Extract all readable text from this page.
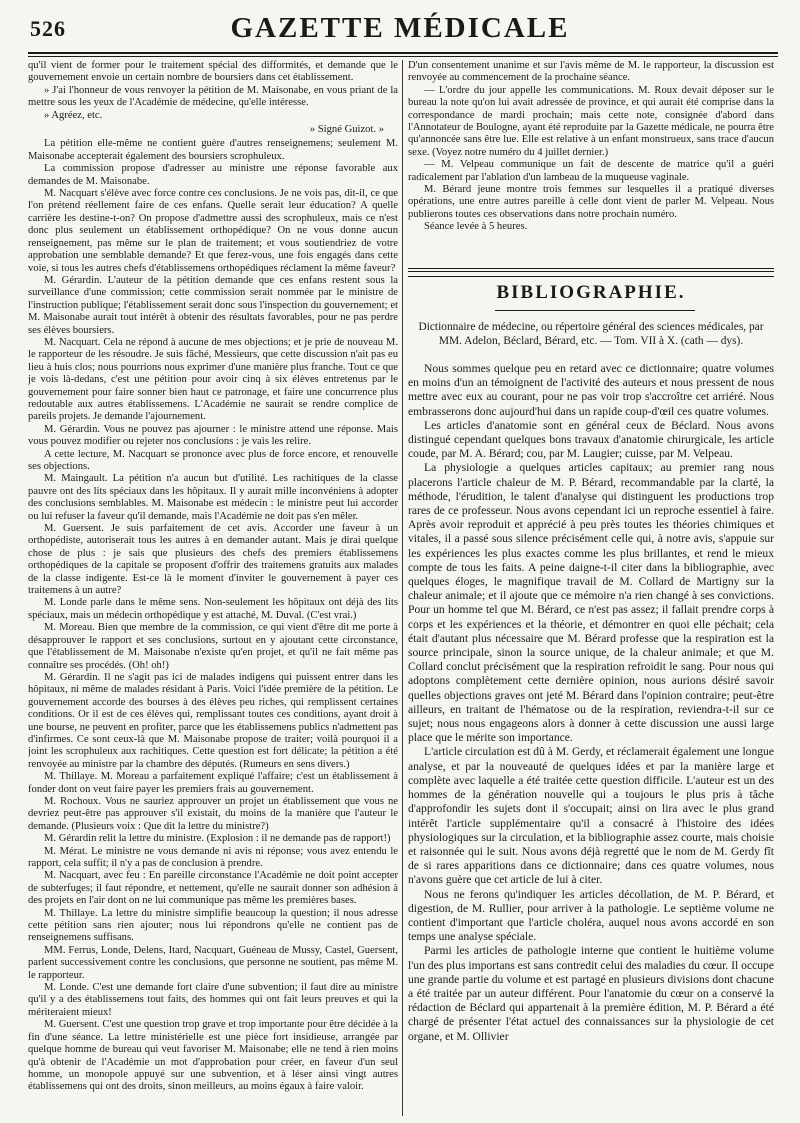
526	GAZETTE MÉDICALE

qu'il vient de former pour le traitement spécial des difformités, et demande que le gouvernement envoie un certain nombre de boursiers dans cet établissement.

» J'ai l'honneur de vous renvoyer la pétition de M. Maisonabe, en vous priant de la mettre sous les yeux de l'Académie de médecine, qu'elle intéresse.

» Agréez, etc.

» Signé Guizot. »

La pétition elle-même ne contient guère d'autres renseignemens; seulement M. Maisonabe accepterait également des boursiers scrophuleux.

La commission propose d'adresser au ministre une réponse favorable aux demandes de M. Maisonabe.

M. Nacquart s'élève avec force contre ces conclusions. Je ne vois pas, dit-il, ce que l'on prétend réellement faire de ces enfans. Quelle serait leur éducation? A quelle carrière les destine-t-on? On propose d'admettre aussi des scrophuleux, mais ce n'est donc plus seulement un établissement orthopédique? On ne vous donne aucun renseignement, pas même sur le plan de traitement; et vous soutiendriez de votre approbation une semblable demande? Et que ferez-vous, une fois engagés dans cette voie, si tous les autres chefs d'établissemens orthopédiques réclament la même faveur?

M. Gérardin. L'auteur de la pétition demande que ces enfans restent sous la surveillance d'une commission; cette commission serait nommée par le ministre de l'instruction publique; l'établissement serait donc sous l'inspection du gouvernement; et M. Maisonabe aurait tout intérêt à obtenir des résultats favorables, pour ne pas perdre ses élèves boursiers.

M. Nacquart. Cela ne répond à aucune de mes objections; et je prie de nouveau M. le rapporteur de les résoudre. Je suis fâché, Messieurs, que cette discussion n'ait pas eu lieu à huis clos; nous pourrions nous exprimer d'une manière plus franche. Tout ce que je vois là-dedans, c'est une pétition pour avoir cinq à six élèves entretenus par le gouvernement pour faire sonner bien haut ce patronage, et faire une concurrence plus redoutable aux autres établissemens. L'Académie ne saurait se rendre complice de pareils projets. Je demande l'ajournement.

M. Gérardin. Vous ne pouvez pas ajourner : le ministre attend une réponse. Mais vous pouvez modifier ou rejeter nos conclusions : je vais les relire.

A cette lecture, M. Nacquart se prononce avec plus de force encore, et renouvelle ses objections.

M. Maingault. La pétition n'a aucun but d'utilité. Les rachitiques de la classe pauvre ont des lits spéciaux dans les hôpitaux. Il y aurait mille inconvéniens à adopter des conclusions semblables. M. Maisonabe est médecin : le ministre peut lui accorder ou lui refuser la faveur qu'il demande, mais l'Académie ne doit pas s'en mêler.

M. Guersent. Je suis parfaitement de cet avis. Accorder une faveur à un orthopédiste, autoriserait tous les autres à en demander autant. Mais je dirai quelque chose de plus : je sais que plusieurs des chefs des premiers établissemens orthopédiques de la capitale se proposent d'offrir des traitemens gratuits aux malades de la classe indigente. Est-ce là le moment d'inviter le gouvernement à payer ces traitemens à un autre?

M. Londe parle dans le même sens. Non-seulement les hôpitaux ont déjà des lits spéciaux, mais un médecin orthopédique y est attaché, M. Duval. (C'est vrai.)

M. Moreau. Bien que membre de la commission, ce qui vient d'être dit me porte à désapprouver le rapport et ses conclusions, surtout en y ajoutant cette circonstance, que l'établissement de M. Maisonabe n'existe qu'en projet, et qu'il ne fait même pas connaître ses procédés. (Oh! oh!)

M. Gérardin. Il ne s'agit pas ici de malades indigens qui puissent entrer dans les hôpitaux, ni même de malades résidant à Paris. Voici l'idée première de la pétition. Le gouvernement accorde des bourses à des élèves peu riches, qui remplissent certaines conditions. Or il est de ces élèves qui, remplissant toutes ces conditions, ayant droit à une bourse, ne peuvent en profiter, parce que les établissemens publics n'admettent pas d'infirmes. Ce sont ceux-là que M. Maisonabe propose de traiter; voilà pourquoi il a joint les scrophuleux aux rachitiques. Cette question est fort délicate; la pétition a été renvoyée au ministre par la chambre des députés. (Rumeurs en sens divers.)

M. Thillaye. M. Moreau a parfaitement expliqué l'affaire; c'est un établissement à fonder dont on veut faire payer les premiers frais au gouvernement.

M. Rochoux. Vous ne sauriez approuver un projet un établissement que vous ne devriez peut-être pas approuver s'il existait, du moins de la manière que l'auteur le demande. (Plusieurs voix : Que dit la lettre du ministre?)

M. Gérardin relit la lettre du ministre. (Explosion : il ne demande pas de rapport!)

M. Mérat. Le ministre ne vous demande ni avis ni réponse; vous avez entendu le rapport, cela suffit; il n'y a pas de conclusion à prendre.

M. Nacquart, avec feu : En pareille circonstance l'Académie ne doit point accepter de subterfuges; il faut répondre, et nettement, qu'elle ne saurait donner son adhésion à des projets en l'air dont on ne lui communique pas même les premières bases.

M. Thillaye. La lettre du ministre simplifie beaucoup la question; il nous adresse cette pétition sans rien ajouter; nous lui répondrons qu'elle ne contient pas de renseignemens suffisans.

MM. Ferrus, Londe, Delens, Itard, Nacquart, Guéneau de Mussy, Castel, Guersent, parlent successivement contre les conclusions, que personne ne soutient, pas même M. le rapporteur.

M. Londe. C'est une demande fort claire d'une subvention; il faut dire au ministre qu'il y a des établissemens tout faits, des hommes qui ont fait leurs preuves et qui la mériteraient mieux!

M. Guersent. C'est une question trop grave et trop importante pour être décidée à la fin d'une séance. La lettre ministérielle est une pièce fort insidieuse, arrangée par quelque homme de bureau qui veut favoriser M. Maisonabe; elle ne tend à rien moins qu'à obtenir de l'Académie un mot d'approbation pour créer, en faveur d'un seul homme, un monopole appuyé sur une subvention, et à léser ainsi vingt autres établissemens qui ont des droits, sinon meilleurs, au moins égaux à faire valoir.

D'un consentement unanime et sur l'avis même de M. le rapporteur, la discussion est renvoyée au commencement de la prochaine séance.

— L'ordre du jour appelle les communications. M. Roux devait déposer sur le bureau la note qu'on lui avait adressée de province, et qui aurait été comprise dans la correspondance de mardi prochain; mais cette note, consignée d'abord dans l'Annotateur de Boulogne, ayant été reproduite par la Gazette médicale, ne pourra être qu'annoncée sans être lue. Elle est relative à un enfant monstrueux, sans trace d'aucun sexe. (Voyez notre numéro du 4 juillet dernier.)

— M. Velpeau communique un fait de descente de matrice qu'il a guéri radicalement par l'ablation d'un lambeau de la muqueuse vaginale.

M. Bérard jeune montre trois femmes sur lesquelles il a pratiqué diverses opérations, une entre autres pareille à celle dont vient de parler M. Velpeau. Nous publierons toutes ces observations dans notre prochain numéro.

Séance levée à 5 heures.

BIBLIOGRAPHIE.

Dictionnaire de médecine, ou répertoire général des sciences médicales, par MM. Adelon, Béclard, Bérard, etc. — Tom. VII à X. (cath — dys).

Nous sommes quelque peu en retard avec ce dictionnaire; quatre volumes en moins d'un an témoignent de l'activité des auteurs et nous pressent de nous mettre avec eux au courant, pour ne pas voir trop s'accroître cet arriéré. Nous embrasserons donc aujourd'hui dans un rapide coup-d'œil ces quatre volumes.

Les articles d'anatomie sont en général ceux de Béclard. Nous avons distingué cependant quelques bons travaux d'anatomie chirurgicale, les article coude, par M. A. Bérard; cou, par M. Laugier; cuisse, par M. Velpeau.

La physiologie a quelques articles capitaux; au premier rang nous placerons l'article chaleur de M. P. Bérard, recommandable par la clarté, la méthode, l'érudition, le talent d'analyse qui distinguent les productions trop rares de ce professeur. Nous avons cependant ici un reproche essentiel à faire. Après avoir reproduit et apprécié à peu près toutes les théories chimiques et vitales, il a passé sous silence précisément celle qui, à notre avis, s'appuie sur les expériences les plus exactes comme les plus brillantes, et rend le mieux compte de tous les faits. A peine daigne-t-il citer dans la bibliographie, avec quelques éloges, le magnifique travail de M. Collard de Martigny sur la chaleur animale; et il ajoute que ce mémoire n'a rien changé à ses convictions. Pour un homme tel que M. Bérard, ce n'est pas assez; il fallait prendre corps à corps et les expériences et la théorie, et démontrer en quoi elle péchait; cela était d'autant plus nécessaire que M. Bérard professe que la respiration est la source principale, sinon la source unique, de la chaleur animale; et que M. Collard conclut précisément que la respiration refroidit le sang. Pour nous qui adoptons complètement cette dernière opinion, nous aurions désiré savoir quelles objections graves ont jeté M. Bérard dans l'opinion contraire; peut-être ailleurs, en traitant de l'hématose ou de la respiration, reviendra-t-il sur ce sujet; nous nous engageons alors à donner à cette discussion une aussi large place que le mérite son importance.

L'article circulation est dû à M. Gerdy, et réclamerait également une longue analyse, et par la nouveauté de quelques idées et par la manière large et complète avec laquelle a été traitée cette question difficile. L'auteur est un des hommes de la génération nouvelle qui a toujours le plus pris à tâche d'approfondir les sujets dont il s'occupait; ainsi on lira avec le plus grand intérêt l'article supplémentaire qu'il a consacré à l'histoire des idées physiologiques sur la circulation, et la bibliographie assez courte, mais choisie et raisonnée qui le suit. Nous avons déjà regretté que le nom de M. Gerdy fît de si rares apparitions dans ce dictionnaire; dans ces quatre volumes, nous n'avons guère que cet article de lui à citer.

Nous ne ferons qu'indiquer les articles décollation, de M. P. Bérard, et digestion, de M. Rullier, pour arriver à la pathologie. Le septième volume ne contient d'important que l'article choléra, auquel nous avons accordé en son temps une analyse spéciale.

Parmi les articles de pathologie interne que contient le huitième volume l'un des plus importans est sans contredit celui des maladies du cœur. Il occupe une grande partie du volume et est partagé en plusieurs divisions dont chacune a été traitée par un auteur différent. Pour l'anatomie du cœur on a conservé la rédaction de Béclard qui appartenait à la première édition, M. P. Bérard a été chargé de présenter l'état actuel des connaissances sur la physiologie de cet organe, et M. Ollivier
